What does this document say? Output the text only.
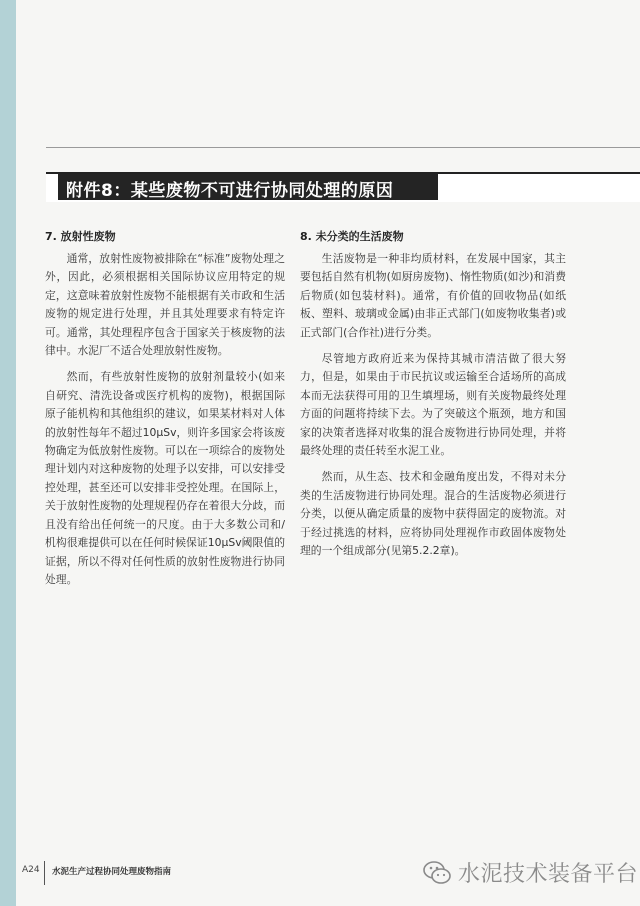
附件8：某些废物不可进行协同处理的原因
7. 放射性废物

通常，放射性废物被排除在“标准”废物处理之外，因此，必须根据相关国际协议应用特定的规定，这意味着放射性废物不能根据有关市政和生活废物的规定进行处理，并且其处理要求有特定许可。通常，其处理程序包含于国家关于核废物的法律中。水泥厂不适合处理放射性废物。

然而，有些放射性废物的放射剂量较小(如来自研究、清洗设备或医疗机构的废物)，根据国际原子能机构和其他组织的建议，如果某材料对人体的放射性每年不超过10μSv，则许多国家会将该废物确定为低放射性废物。可以在一项综合的废物处理计划内对这种废物的处理予以安排，可以安排受控处理，甚至还可以安排非受控处理。在国际上，关于放射性废物的处理规程仍存在着很大分歧，而且没有给出任何统一的尺度。由于大多数公司和/机构很难提供可以在任何时候保证10μSv阈限值的证据，所以不得对任何性质的放射性废物进行协同处理。

8. 未分类的生活废物

生活废物是一种非均质材料，在发展中国家，其主要包括自然有机物(如厨房废物)、惰性物质(如沙)和消费后物质(如包装材料)。通常，有价值的回收物品(如纸板、塑料、玻璃或金属)由非正式部门(如废物收集者)或正式部门(合作社)进行分类。

尽管地方政府近来为保持其城市清洁做了很大努力，但是，如果由于市民抗议或运输至合适场所的高成本而无法获得可用的卫生填埋场，则有关废物最终处理方面的问题将持续下去。为了突破这个瓶颈，地方和国家的决策者选择对收集的混合废物进行协同处理，并将最终处理的责任转至水泥工业。

然而，从生态、技术和金融角度出发，不得对未分类的生活废物进行协同处理。混合的生活废物必须进行分类，以便从确定质量的废物中获得固定的废物流。对于经过挑选的材料，应将协同处理视作市政固体废物处理的一个组成部分(见第5.2.2章)。

A24 水泥生产过程协同处理废物指南	水泥技术装备平台
